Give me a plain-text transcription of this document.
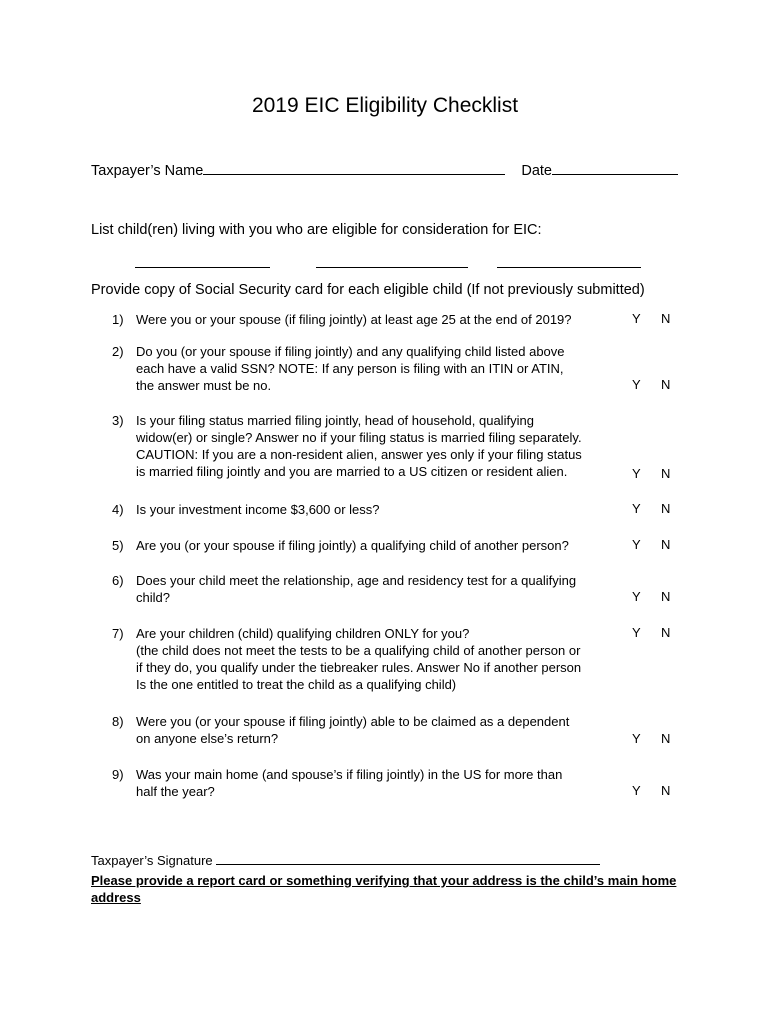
2019 EIC Eligibility Checklist
Taxpayer’s Name	Date
List child(ren) living with you who are eligible for consideration for EIC:
Provide copy of Social Security card for each eligible child (If not previously submitted)
1) Were you or your spouse (if filing jointly) at least age 25 at the end of 2019?	Y N
2) Do you (or your spouse if filing jointly) and any qualifying child listed above
each have a valid SSN? NOTE: If any person is filing with an ITIN or ATIN,
the answer must be no.	Y N
3) Is your filing status married filing jointly, head of household, qualifying
widow(er) or single? Answer no if your filing status is married filing separately.
CAUTION: If you are a non-resident alien, answer yes only if your filing status
is married filing jointly and you are married to a US citizen or resident alien.	Y N
4) Is your investment income $3,600 or less?	Y N
5) Are you (or your spouse if filing jointly) a qualifying child of another person?	Y N
6) Does your child meet the relationship, age and residency test for a qualifying
child?	Y N
7) Are your children (child) qualifying children ONLY for you?
(the child does not meet the tests to be a qualifying child of another person or
if they do, you qualify under the tiebreaker rules. Answer No if another person
Is the one entitled to treat the child as a qualifying child)
Y N
8) Were you (or your spouse if filing jointly) able to be claimed as a dependent
on anyone else’s return?	Y N
9) Was your main home (and spouse’s if filing jointly) in the US for more than
half the year?	Y N
Taxpayer’s Signature
Please provide a report card or something verifying that your address is the child’s main home address
